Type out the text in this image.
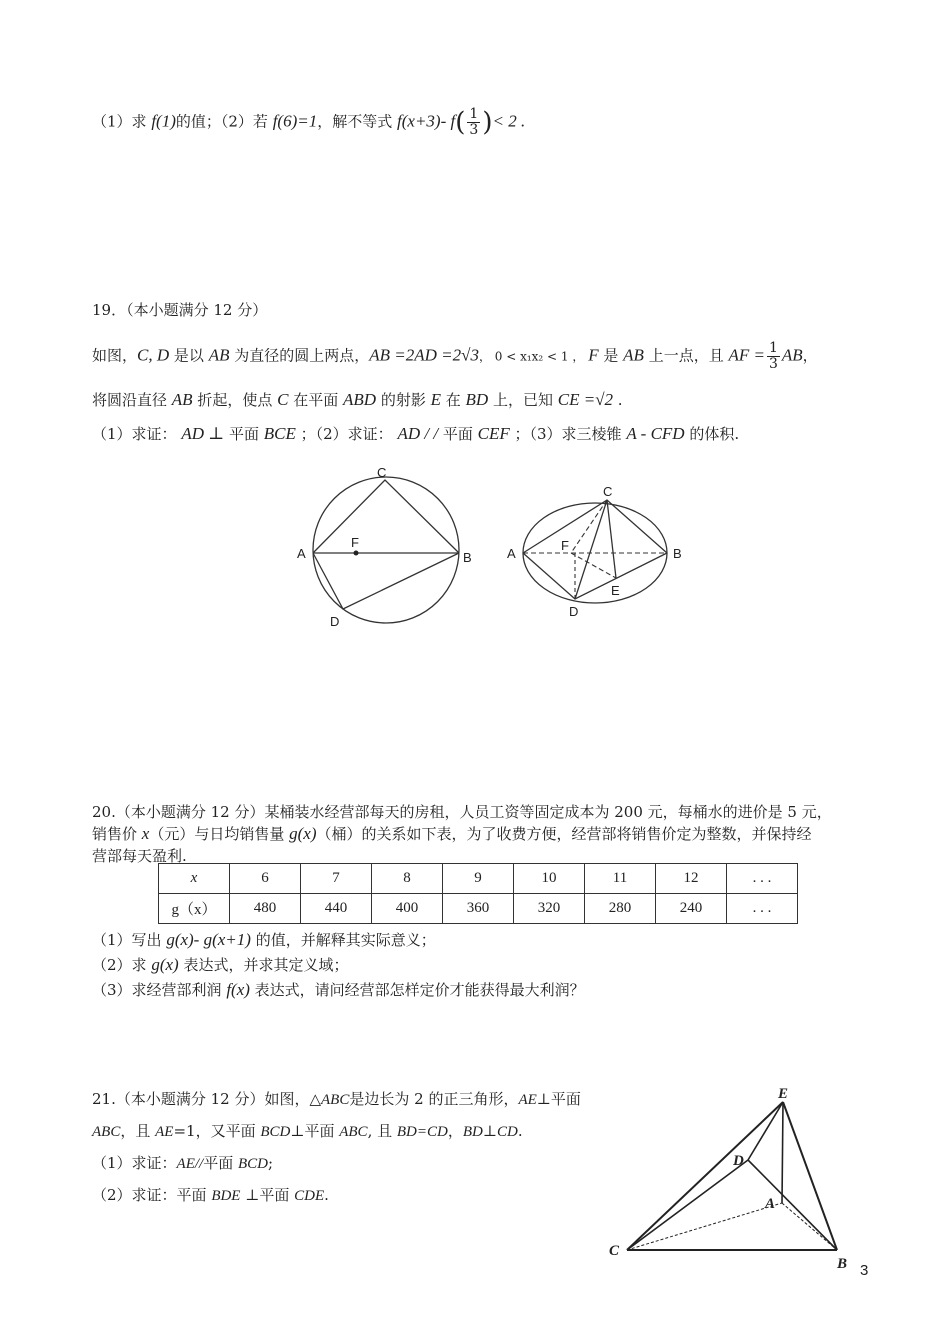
（1）求 f(1)的值；（2）若 f(6)=1，解不等式 f(x+3)- $f( \frac{1}{3}$ )< 2 .
19．（本小题满分 12 分）
如图，C, D 是以 AB 为直径的圆上两点，AB =2AD =2√3， 0 < x₁x₂ < 1 ， F 是 AB 上一点，且 AF = $\frac{1}{3}$ AB，
将圆沿直径 AB 折起，使点 C 在平面 ABD 的射影 E 在 BD 上，已知 CE =√2 .
（1）求证： AD ⊥ 平面 BCE ；（2）求证： AD / / 平面 CEF ；（3）求三棱锥 A - CFD 的体积.
A	B
C
D
F
A	B
C
D
E
F
20.（本小题满分 12 分）某桶装水经营部每天的房租，人员工资等固定成本为 200 元，每桶水的进价是 5 元，
销售价 x（元）与日均销售量 g(x)（桶）的关系如下表，为了收费方便，经营部将销售价定为整数，并保持经
营部每天盈利.
x	6	7	8	9	10	11	12	. . .
g（x）	480	440	400	360	320	280	240	. . .
（1）写出 g(x)- g(x+1) 的值，并解释其实际意义；
（2）求 g(x) 表达式，并求其定义域；
（3）求经营部利润 f(x) 表达式，请问经营部怎样定价才能获得最大利润？
21.（本小题满分 12 分）如图，△ABC是边长为 2 的正三角形，AE⊥平面
ABC，且 AE=1，又平面 BCD⊥平面 ABC, 且 BD=CD，BD⊥CD.
（1）求证：AE//平面 BCD;
（2）求证：平面 BDE ⊥平面 CDE.	A
B
C
D
E
3
